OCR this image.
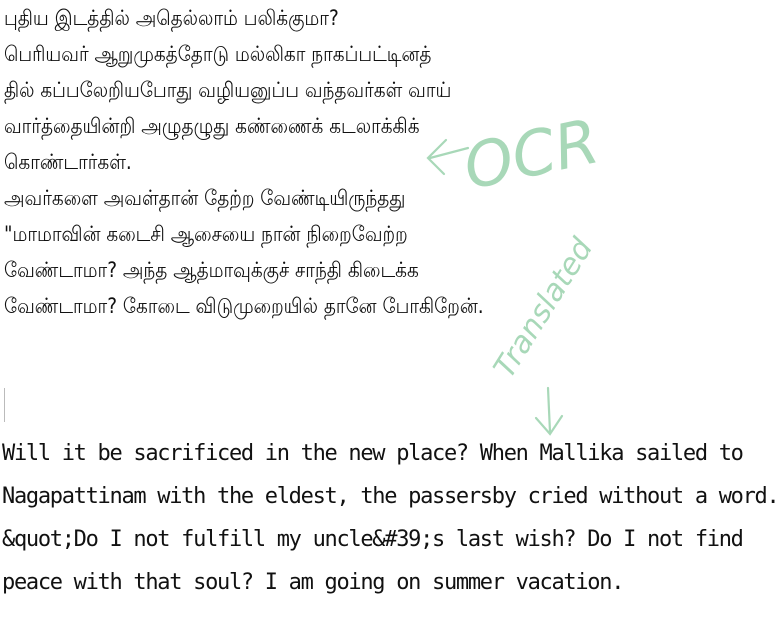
புதிய இடத்தில் அதெல்லாம் பலிக்குமா?
பெரியவர் ஆறுமுகத்தோடு மல்லிகா நாகப்பட்டினத்
தில் கப்பலேறியபோது வழியனுப்ப வந்தவர்கள் வாய்
வார்த்தையின்றி அழுதழுது கண்ணைக் கடலாக்கிக்
கொண்டார்கள்.
அவர்களை அவள்தான் தேற்ற வேண்டியிருந்தது
"மாமாவின் கடைசி ஆசையை நான் நிறைவேற்ற
வேண்டாமா? அந்த ஆத்மாவுக்குச் சாந்தி கிடைக்க
வேண்டாமா? கோடை விடுமுறையில் தானே போகிறேன்.
Will it be sacrificed in the new place? When Mallika sailed to
Nagapattinam with the eldest, the passersby cried without a word.
&quot;Do I not fulfill my uncle&#39;s last wish? Do I not find
peace with that soul? I am going on summer vacation.
OCR
Translated
